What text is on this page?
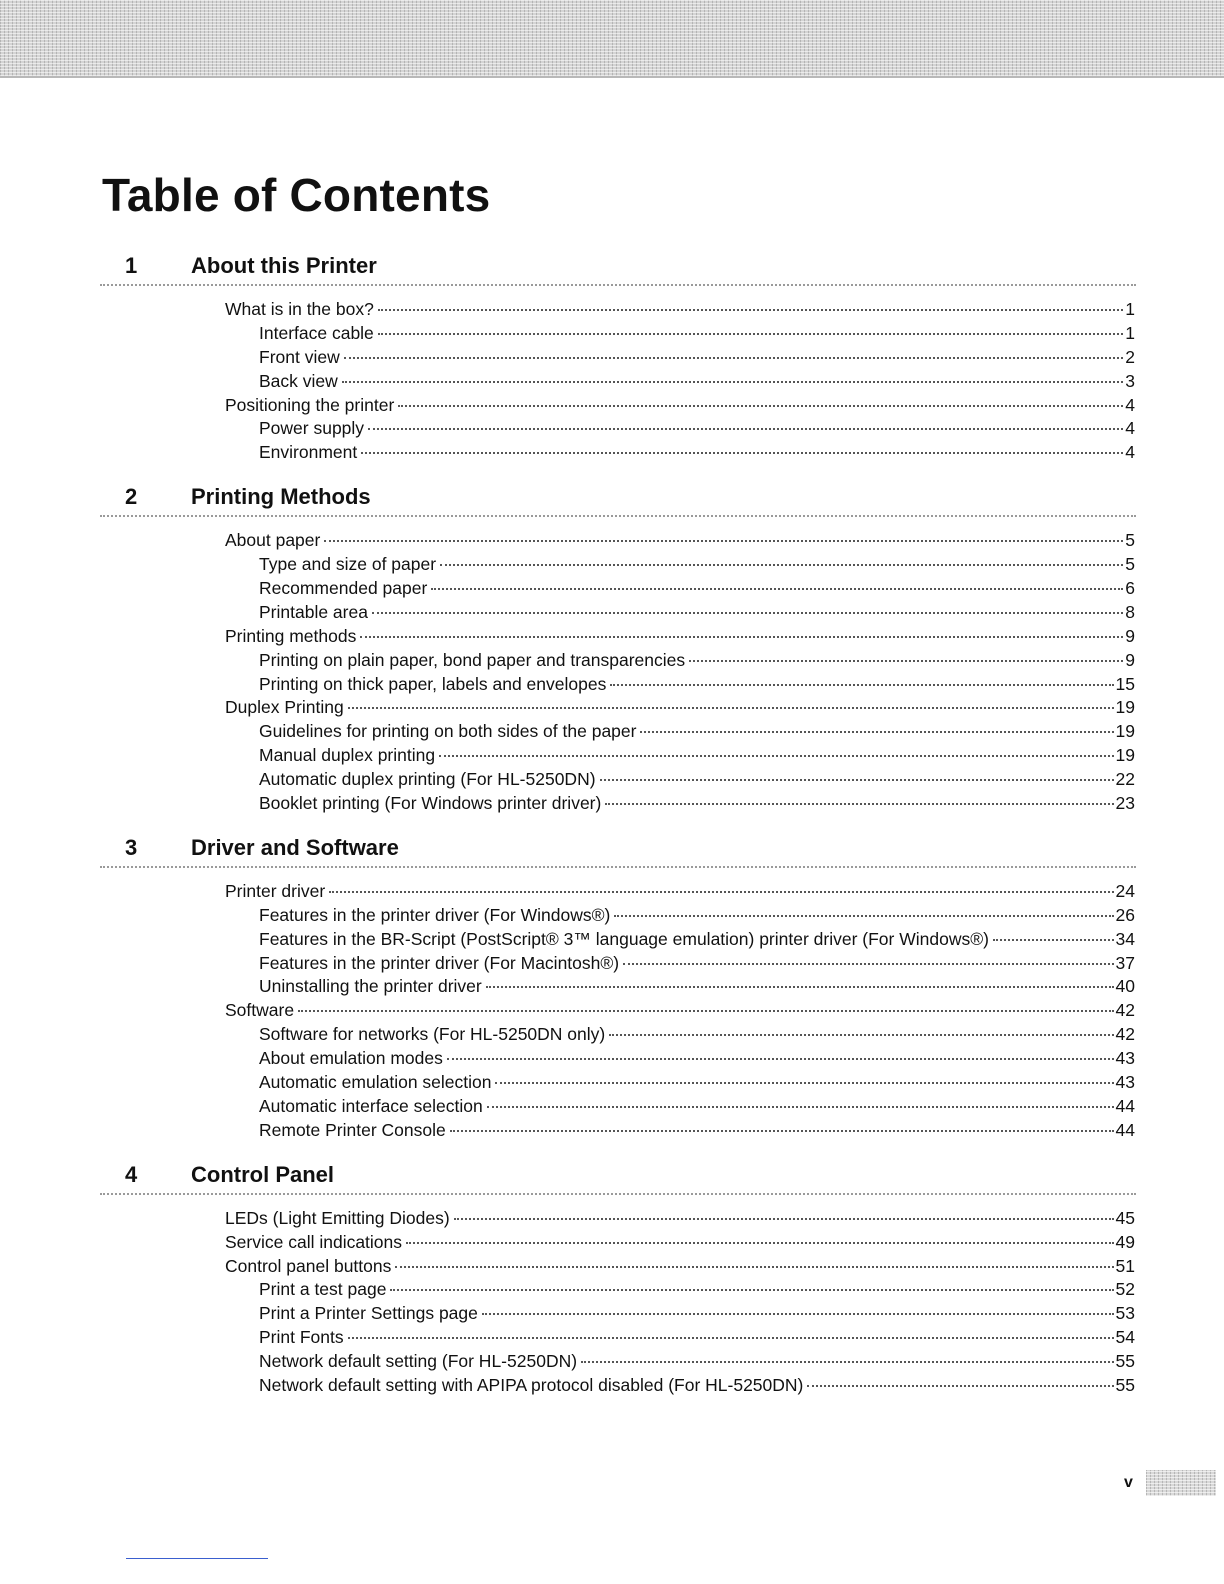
Table of Contents
1 About this Printer
What is in the box?	1
Interface cable	1
Front view	2
Back view	3
Positioning the printer	4
Power supply	4
Environment	4
2 Printing Methods
About paper	5
Type and size of paper	5
Recommended paper	6
Printable area	8
Printing methods	9
Printing on plain paper, bond paper and transparencies	9
Printing on thick paper, labels and envelopes	15
Duplex Printing	19
Guidelines for printing on both sides of the paper	19
Manual duplex printing	19
Automatic duplex printing (For HL-5250DN)	22
Booklet printing (For Windows printer driver)	23
3 Driver and Software
Printer driver	24
Features in the printer driver (For Windows®)	26
Features in the BR-Script (PostScript® 3™ language emulation) printer driver (For Windows®)	34
Features in the printer driver (For Macintosh®)	37
Uninstalling the printer driver	40
Software	42
Software for networks (For HL-5250DN only)	42
About emulation modes	43
Automatic emulation selection	43
Automatic interface selection	44
Remote Printer Console	44
4 Control Panel
LEDs (Light Emitting Diodes)	45
Service call indications	49
Control panel buttons	51
Print a test page	52
Print a Printer Settings page	53
Print Fonts	54
Network default setting (For HL-5250DN)	55
Network default setting with APIPA protocol disabled (For HL-5250DN)	55
v
